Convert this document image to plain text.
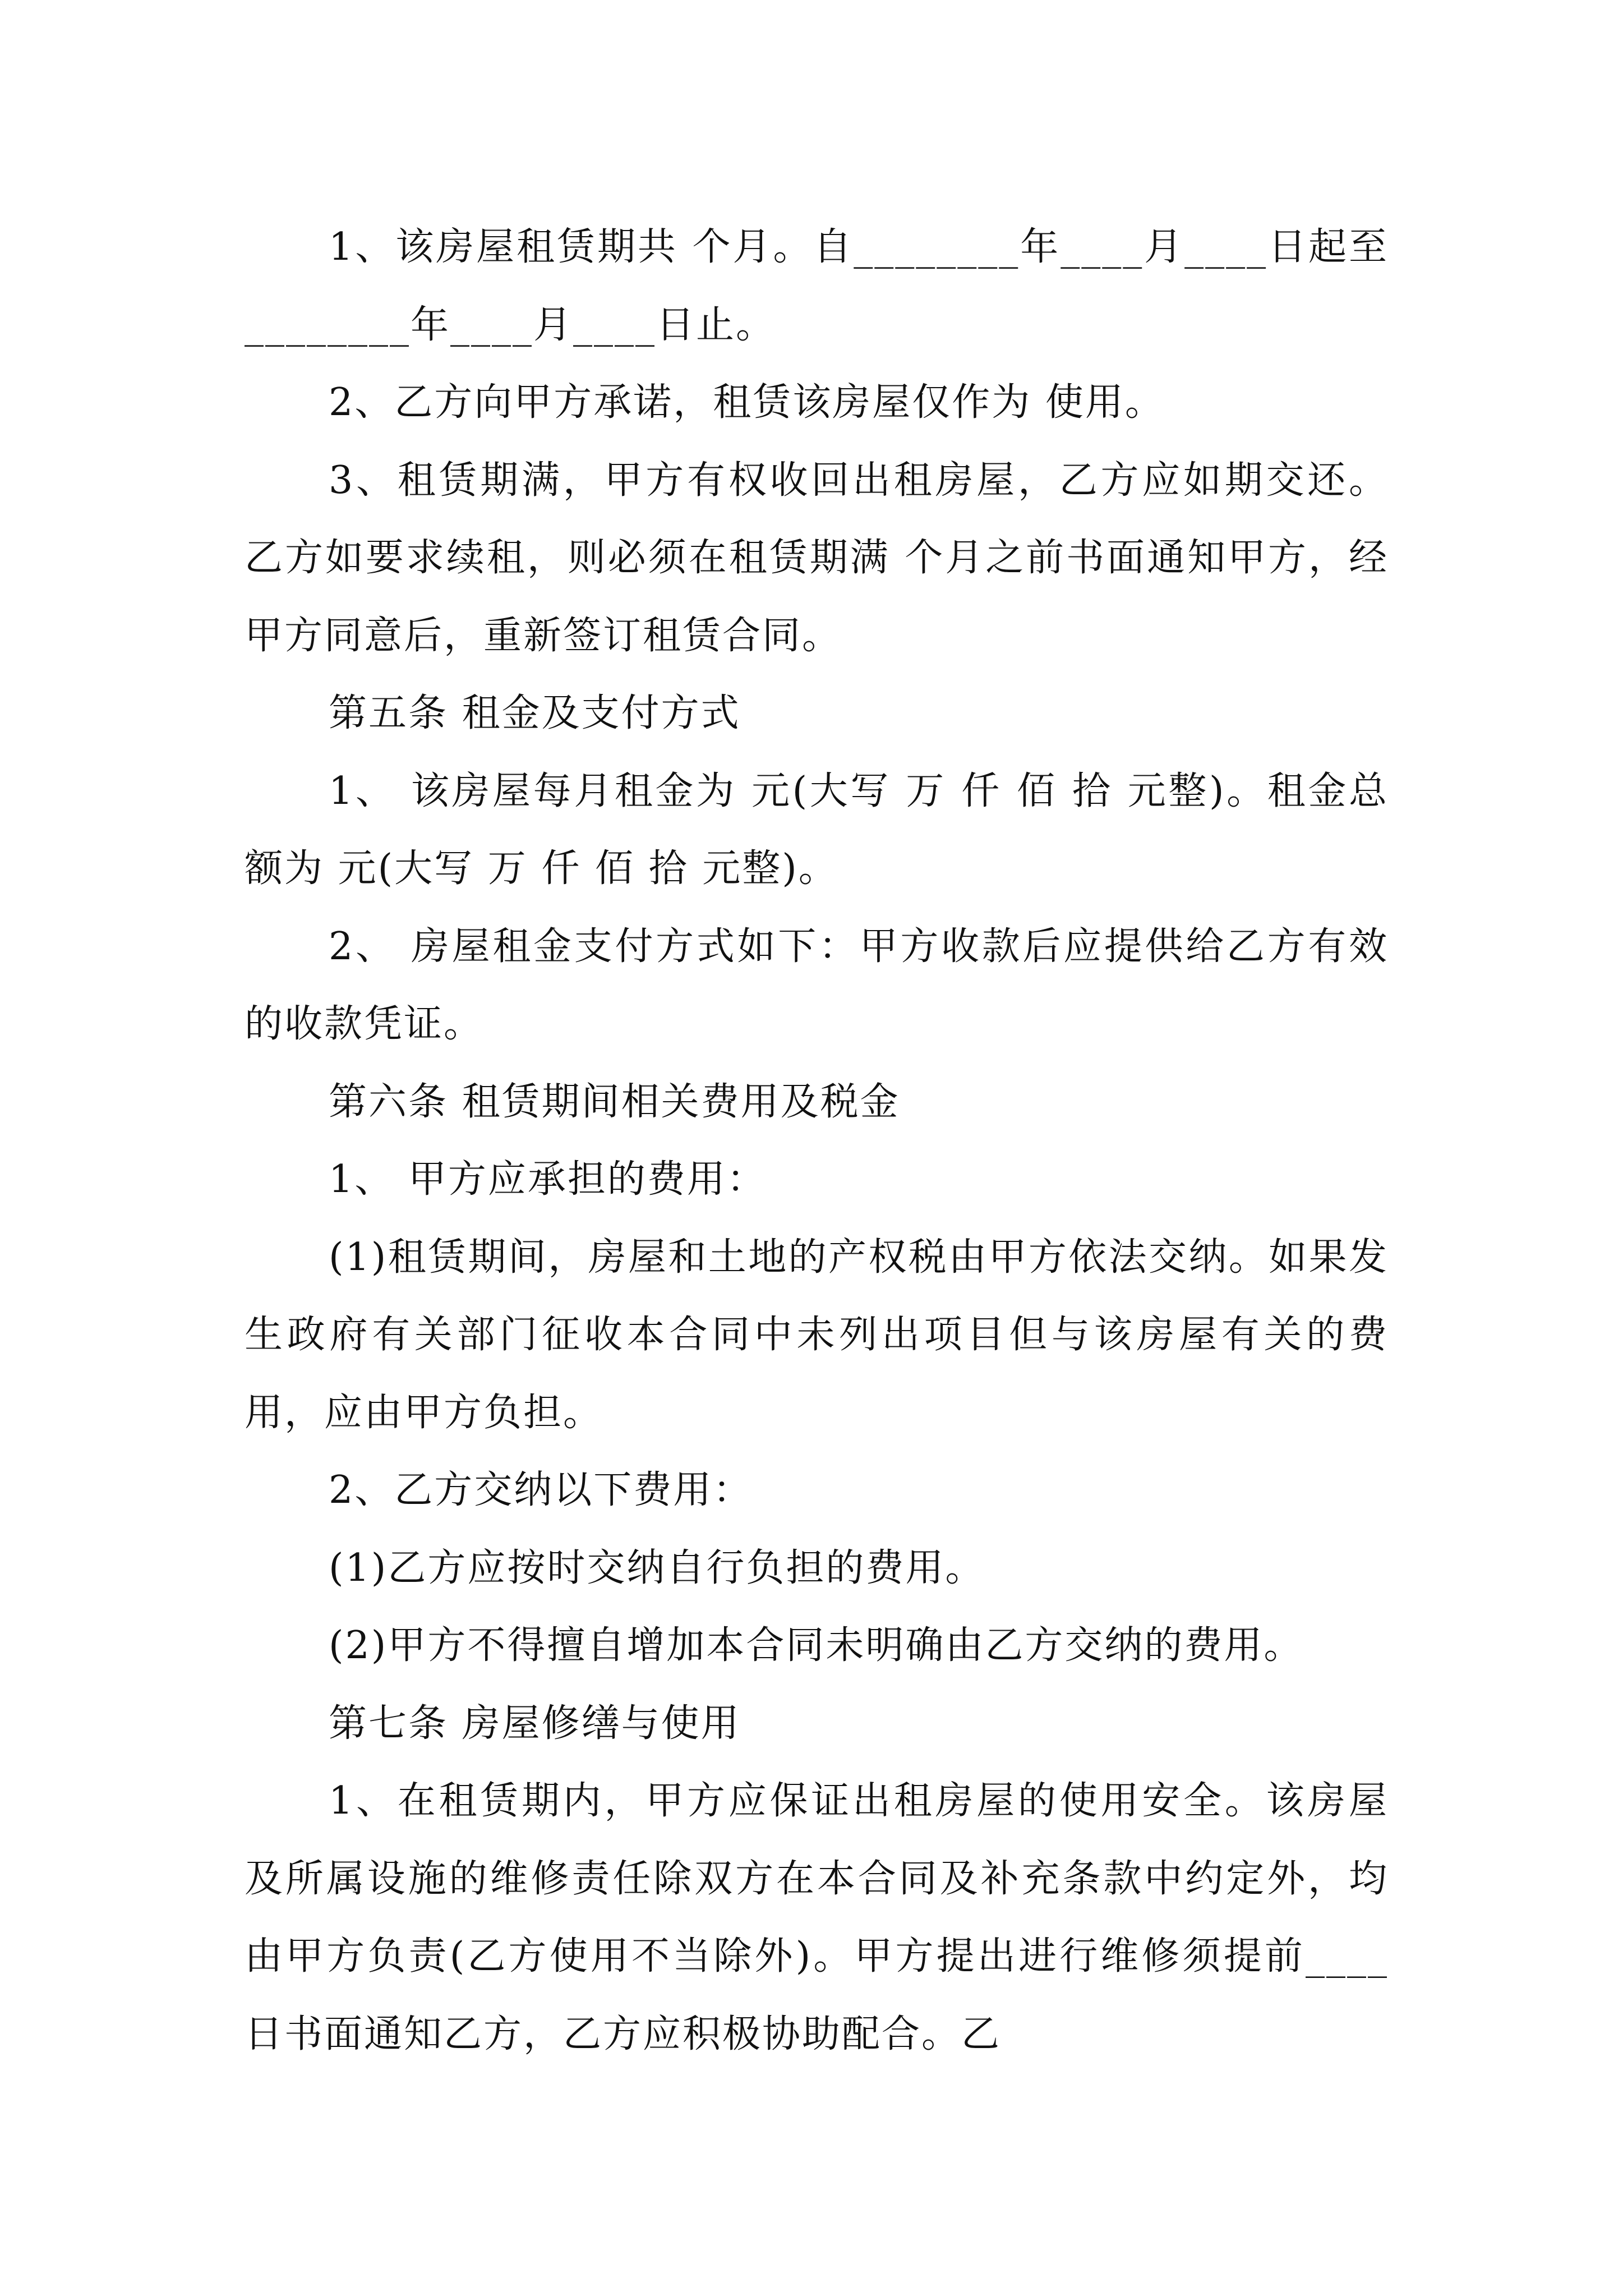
1、该房屋租赁期共 个月。自________年____月____日起至________年____月____日止。

2、乙方向甲方承诺，租赁该房屋仅作为 使用。

3、租赁期满，甲方有权收回出租房屋，乙方应如期交还。乙方如要求续租，则必须在租赁期满 个月之前书面通知甲方，经甲方同意后，重新签订租赁合同。

第五条 租金及支付方式

1、 该房屋每月租金为 元(大写 万 仟 佰 拾 元整)。租金总额为 元(大写 万 仟 佰 拾 元整)。

2、 房屋租金支付方式如下：甲方收款后应提供给乙方有效的收款凭证。

第六条 租赁期间相关费用及税金

1、 甲方应承担的费用：

(1)租赁期间，房屋和土地的产权税由甲方依法交纳。如果发生政府有关部门征收本合同中未列出项目但与该房屋有关的费用，应由甲方负担。

2、乙方交纳以下费用：

(1)乙方应按时交纳自行负担的费用。

(2)甲方不得擅自增加本合同未明确由乙方交纳的费用。

第七条 房屋修缮与使用

1、在租赁期内，甲方应保证出租房屋的使用安全。该房屋及所属设施的维修责任除双方在本合同及补充条款中约定外，均由甲方负责(乙方使用不当除外)。甲方提出进行维修须提前____日书面通知乙方，乙方应积极协助配合。乙
